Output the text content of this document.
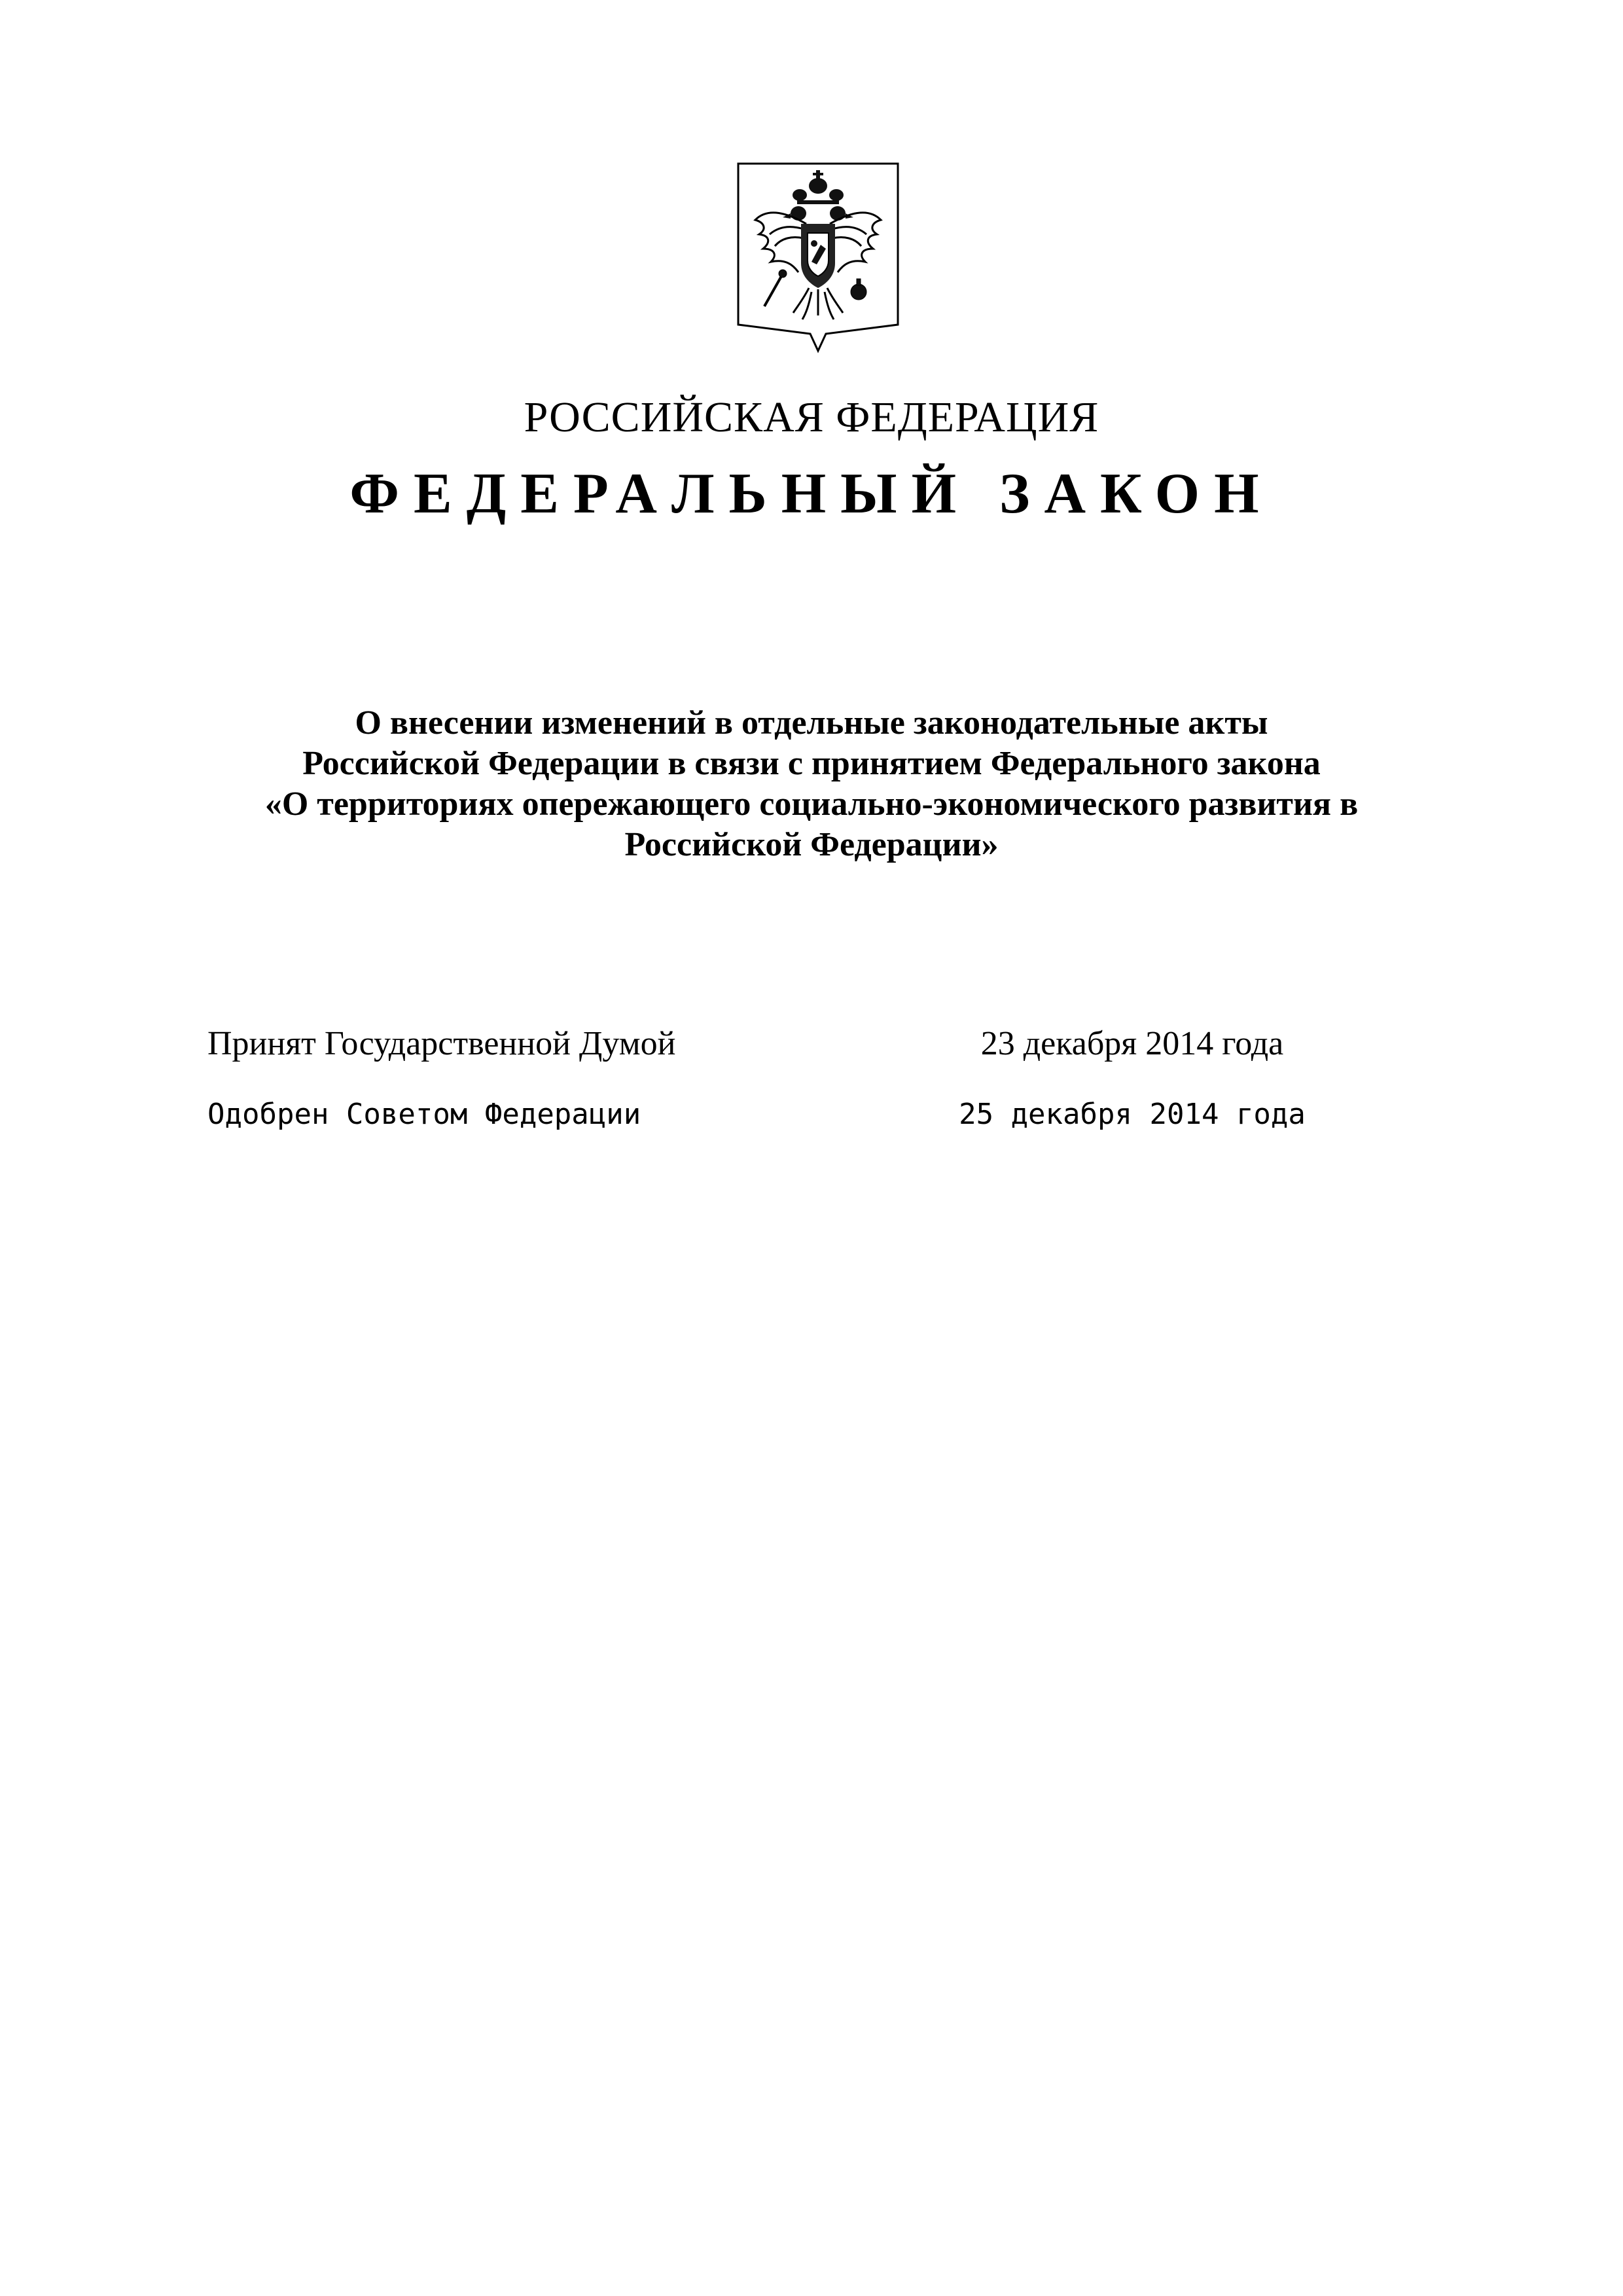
РОССИЙСКАЯ ФЕДЕРАЦИЯ
ФЕДЕРАЛЬНЫЙ ЗАКОН
О внесении изменений в отдельные законодательные акты
Российской Федерации в связи с принятием Федерального закона
«О территориях опережающего социально-экономического развития в
Российской Федерации»
Принят Государственной Думой	23 декабря 2014 года
Одобрен Советом Федерации	25 декабря 2014 года
